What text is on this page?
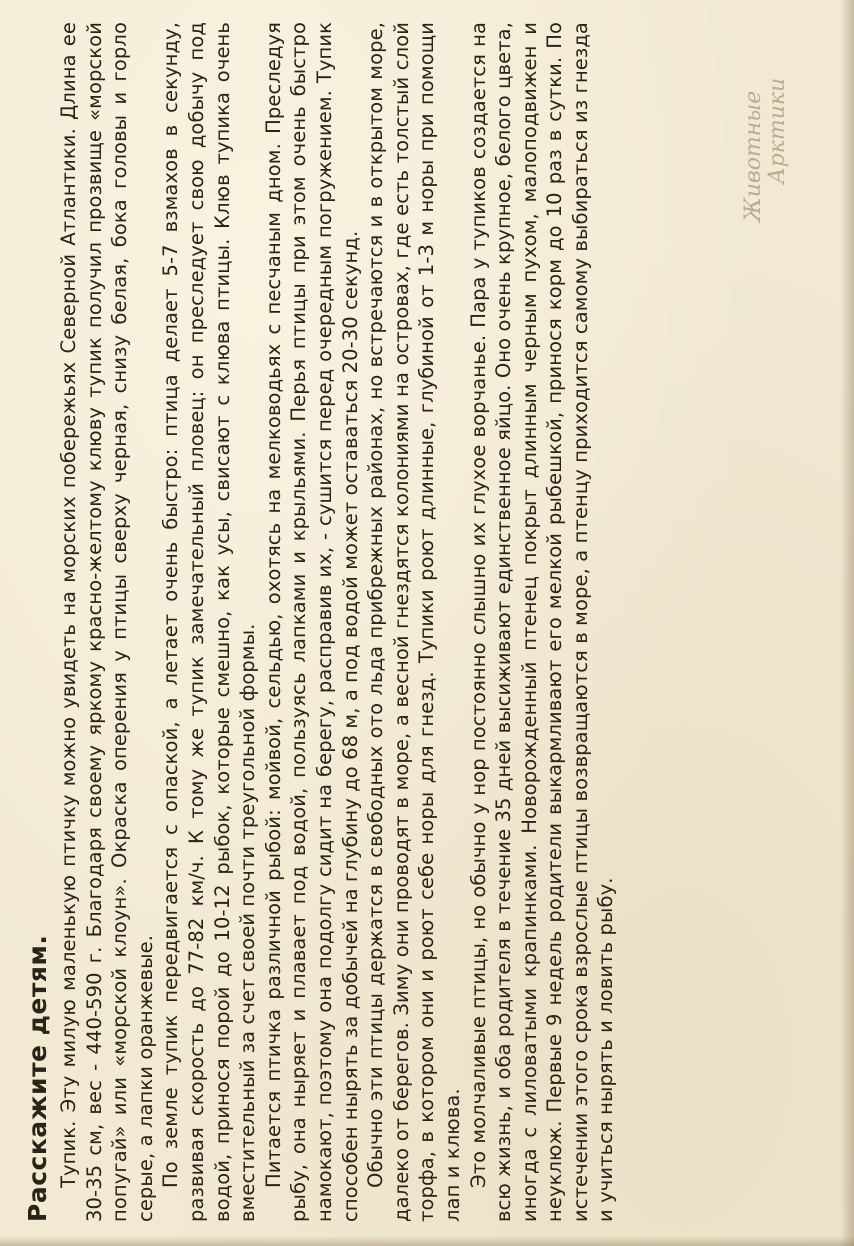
Расскажите детям. Тупик. Эту милую маленькую птичку можно увидеть на морских побережьях Северной Атлантики. Длина ее 30-35 см, вес - 440-590 г. Благодаря своему яркому красно-желтому клюву тупик получил прозвище «морской попугай» или «морской клоун». Окраска оперения у птицы сверху черная, снизу белая, бока головы и горло серые, а лапки оранжевые. По земле тупик передвигается с опаской, а летает очень быстро: птица делает 5-7 взмахов в секунду, развивая скорость до 77-82 км/ч. К тому же тупик замечательный пловец: он преследует свою добычу под водой, принося порой до 10-12 рыбок, которые смешно, как усы, свисают с клюва птицы. Клюв тупика очень вместительный за счет своей почти треугольной формы. Питается птичка различной рыбой: мойвой, сельдью, охотясь на мелководьях с песчаным дном. Преследуя рыбу, она ныряет и плавает под водой, пользуясь лапками и крыльями. Перья птицы при этом очень быстро намокают, поэтому она подолгу сидит на берегу, расправив их, - сушится перед очередным погружением. Тупик способен нырять за добычей на глубину до 68 м, а под водой может оставаться 20-30 секунд. Обычно эти птицы держатся в свободных ото льда прибрежных районах, но встречаются и в открытом море, далеко от берегов. Зиму они проводят в море, а весной гнездятся колониями на островах, где есть толстый слой торфа, в котором они и роют себе норы для гнезд. Тупики роют длинные, глубиной от 1-3 м норы при помощи лап и клюва. Это молчаливые птицы, но обычно у нор постоянно слышно их глухое ворчанье. Пара у тупиков создается на всю жизнь, и оба родителя в течение 35 дней высиживают единственное яйцо. Оно очень крупное, белого цвета, иногда с лиловатыми крапинками. Новорожденный птенец покрыт длинным черным пухом, малоподвижен и неуклюж. Первые 9 недель родители выкармливают его мелкой рыбешкой, принося корм до 10 раз в сутки. По истечении этого срока взрослые птицы возвращаются в море, а птенцу приходится самому выбираться из гнезда и учиться нырять и ловить рыбу.

Животные Арктики
